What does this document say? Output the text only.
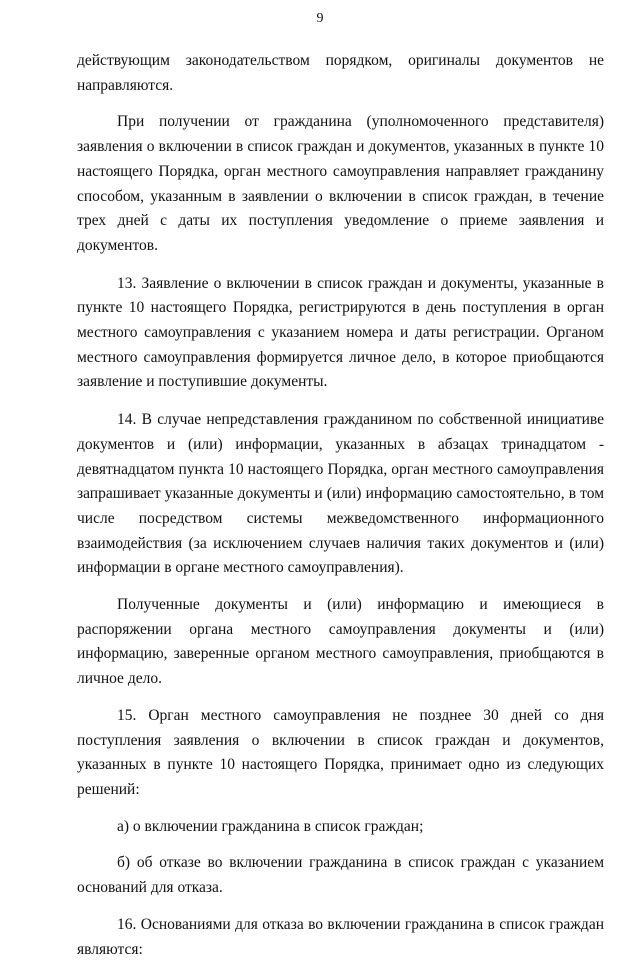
9

действующим законодательством порядком, оригиналы документов не направляются.

При получении от гражданина (уполномоченного представителя) заявления о включении в список граждан и документов, указанных в пункте 10 настоящего Порядка, орган местного самоуправления направляет гражданину способом, указанным в заявлении о включении в список граждан, в течение трех дней с даты их поступления уведомление о приеме заявления и документов.

13. Заявление о включении в список граждан и документы, указанные в пункте 10 настоящего Порядка, регистрируются в день поступления в орган местного самоуправления с указанием номера и даты регистрации. Органом местного самоуправления формируется личное дело, в которое приобщаются заявление и поступившие документы.

14. В случае непредставления гражданином по собственной инициативе документов и (или) информации, указанных в абзацах тринадцатом - девятнадцатом пункта 10 настоящего Порядка, орган местного самоуправления запрашивает указанные документы и (или) информацию самостоятельно, в том числе посредством системы межведомственного информационного взаимодействия (за исключением случаев наличия таких документов и (или) информации в органе местного самоуправления).

Полученные документы и (или) информацию и имеющиеся в распоряжении органа местного самоуправления документы и (или) информацию, заверенные органом местного самоуправления, приобщаются в личное дело.

15. Орган местного самоуправления не позднее 30 дней со дня поступления заявления о включении в список граждан и документов, указанных в пункте 10 настоящего Порядка, принимает одно из следующих решений:

а) о включении гражданина в список граждан;

б) об отказе во включении гражданина в список граждан с указанием оснований для отказа.

16. Основаниями для отказа во включении гражданина в список граждан являются:
